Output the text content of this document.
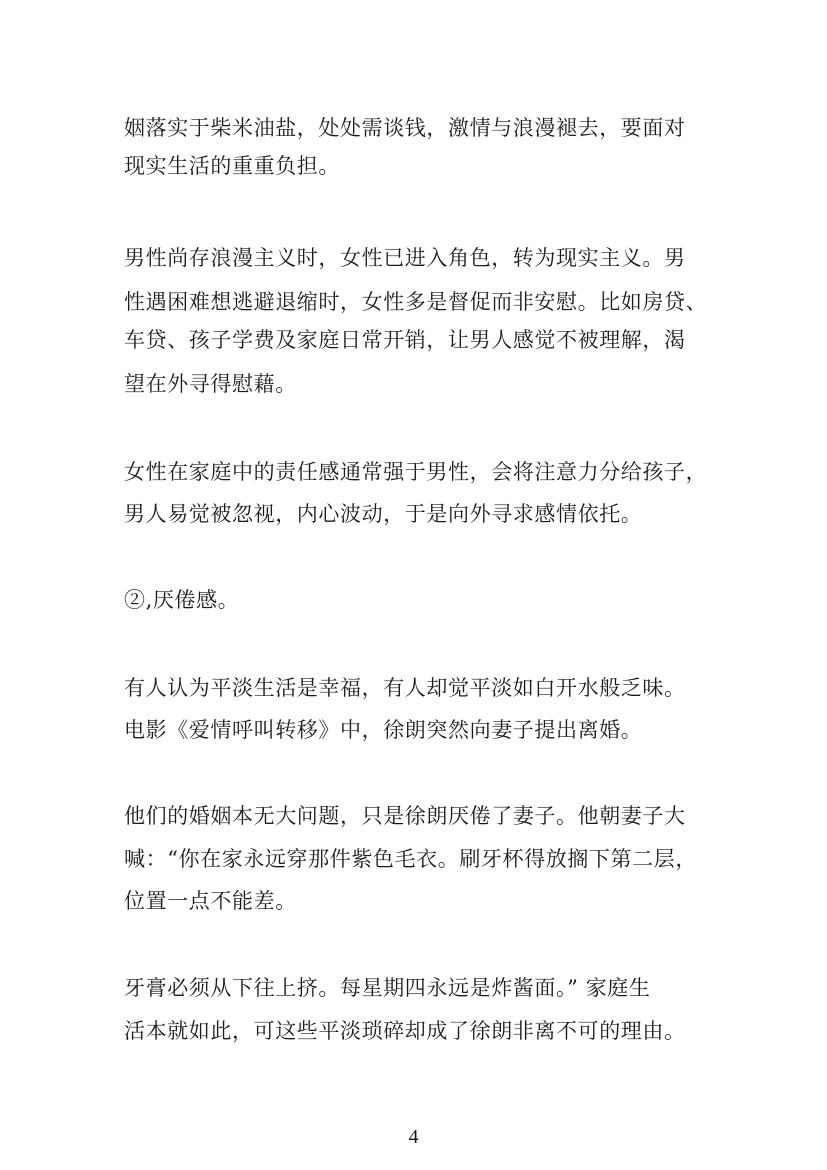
姻落实于柴米油盐，处处需谈钱，激情与浪漫褪去，要面对
现实生活的重重负担。
男性尚存浪漫主义时，女性已进入角色，转为现实主义。男
性遇困难想逃避退缩时，女性多是督促而非安慰。比如房贷、
车贷、孩子学费及家庭日常开销，让男人感觉不被理解，渴
望在外寻得慰藉。
女性在家庭中的责任感通常强于男性，会将注意力分给孩子，
男人易觉被忽视，内心波动，于是向外寻求感情依托。
②,厌倦感。
有人认为平淡生活是幸福，有人却觉平淡如白开水般乏味。
电影《爱情呼叫转移》中，徐朗突然向妻子提出离婚。
他们的婚姻本无大问题，只是徐朗厌倦了妻子。他朝妻子大
喊：“你在家永远穿那件紫色毛衣。刷牙杯得放搁下第二层，
位置一点不能差。
牙膏必须从下往上挤。每星期四永远是炸酱面。” 家庭生
活本就如此，可这些平淡琐碎却成了徐朗非离不可的理由。
4
